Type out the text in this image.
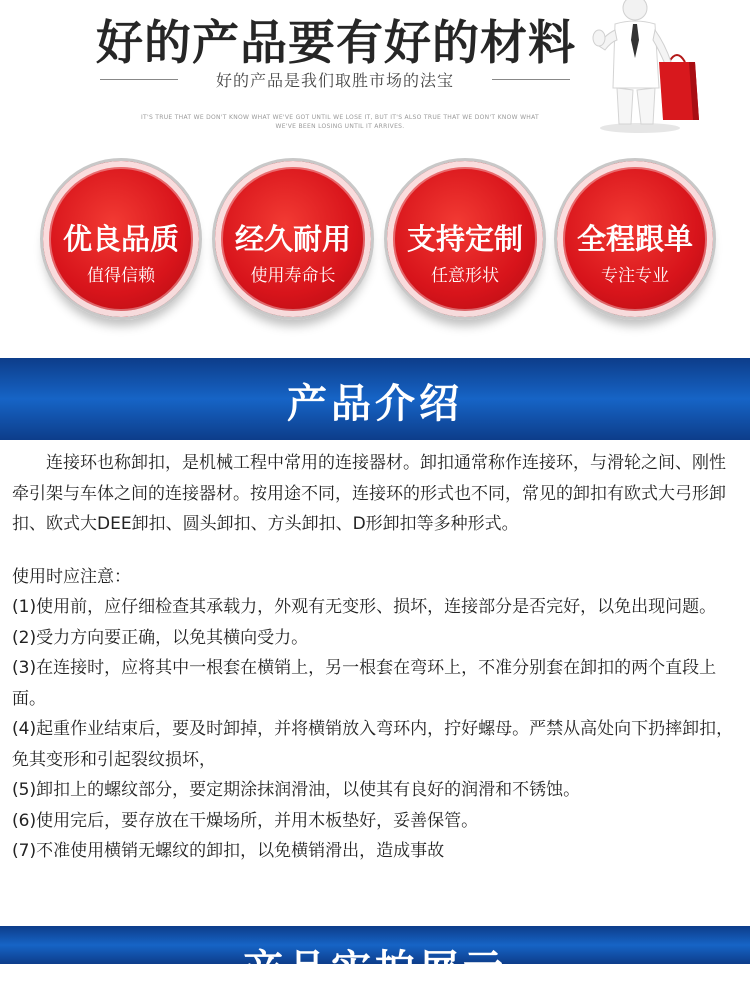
好的产品要有好的材料
好的产品是我们取胜市场的法宝
IT'S TRUE THAT WE DON'T KNOW WHAT WE'VE GOT UNTIL WE LOSE IT, BUT IT'S ALSO TRUE THAT WE DON'T KNOW WHAT WE'VE BEEN LOSING UNTIL IT ARRIVES.
优良品质
值得信赖
经久耐用
使用寿命长
支持定制
任意形状
全程跟单
专注专业
产品介绍

连接环也称卸扣，是机械工程中常用的连接器材。卸扣通常称作连接环，与滑轮之间、刚性牵引架与车体之间的连接器材。按用途不同，连接环的形式也不同，常见的卸扣有欧式大弓形卸扣、欧式大DEE卸扣、圆头卸扣、方头卸扣、D形卸扣等多种形式。

使用时应注意：

(1)使用前，应仔细检查其承载力，外观有无变形、损坏，连接部分是否完好，以免出现问题。

(2)受力方向要正确，以免其横向受力。

(3)在连接时，应将其中一根套在横销上，另一根套在弯环上，不准分别套在卸扣的两个直段上面。

(4)起重作业结束后，要及时卸掉，并将横销放入弯环内，拧好螺母。严禁从高处向下扔摔卸扣，免其变形和引起裂纹损坏，

(5)卸扣上的螺纹部分，要定期涂抹润滑油，以使其有良好的润滑和不锈蚀。

(6)使用完后，要存放在干燥场所，并用木板垫好，妥善保管。

(7)不准使用横销无螺纹的卸扣，以免横销滑出，造成事故

产品实拍展示
